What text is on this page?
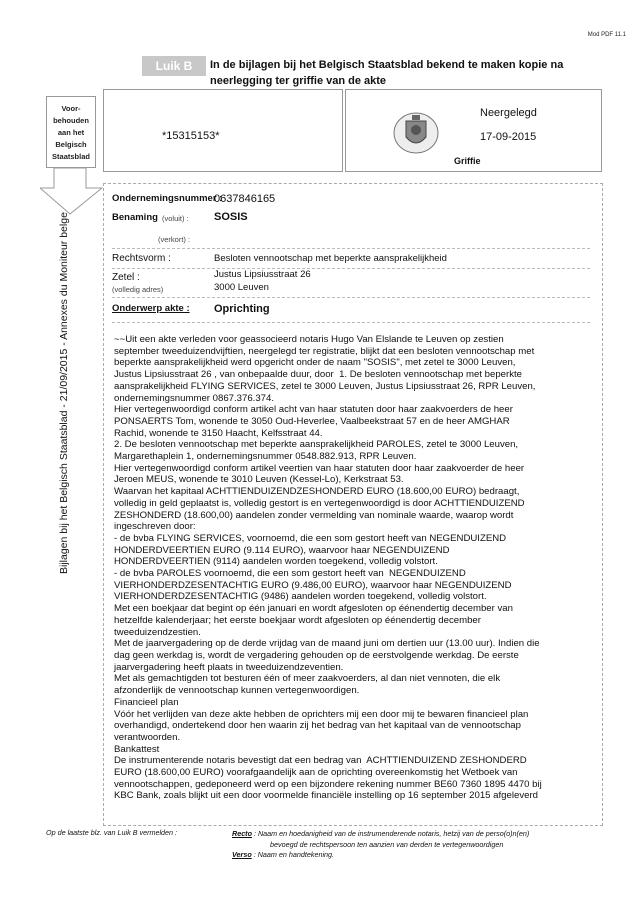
Mod PDF 11.1
Luik B	In de bijlagen bij het Belgisch Staatsblad bekend te maken kopie na neerlegging ter griffie van de akte
Voor-
behouden
aan het
Belgisch
Staatsblad
*15315153*
Neergelegd
17-09-2015
Griffie
Bijlagen bij het Belgisch Staatsblad - 21/09/2015 - Annexes du Moniteur belge
Ondernemingsnummer :
0637846165
Benaming (voluit) : SOSIS
(verkort) :
Rechtsvorm :	Besloten vennootschap met beperkte aansprakelijkheid
Zetel :
(volledig adres)
Justus Lipsiusstraat 26
3000 Leuven
Onderwerp akte : Oprichting
~~Uit een akte verleden voor geassocieerd notaris Hugo Van Elslande te Leuven op zestien
september tweeduizendvijftien, neergelegd ter registratie, blijkt dat een besloten vennootschap met
beperkte aansprakelijkheid werd opgericht onder de naam "SOSIS", met zetel te 3000 Leuven,
Justus Lipsiusstraat 26 , van onbepaalde duur, door  1. De besloten vennootschap met beperkte
aansprakelijkheid FLYING SERVICES, zetel te 3000 Leuven, Justus Lipsiusstraat 26, RPR Leuven,
ondernemingsnummer 0867.376.374.
Hier vertegenwoordigd conform artikel acht van haar statuten door haar zaakvoerders de heer
PONSAERTS Tom, wonende te 3050 Oud-Heverlee, Vaalbeekstraat 57 en de heer AMGHAR
Rachid, wonende te 3150 Haacht, Kelfsstraat 44.
2. De besloten vennootschap met beperkte aansprakelijkheid PAROLES, zetel te 3000 Leuven,
Margarethaplein 1, ondernemingsnummer 0548.882.913, RPR Leuven.
Hier vertegenwoordigd conform artikel veertien van haar statuten door haar zaakvoerder de heer
Jeroen MEUS, wonende te 3010 Leuven (Kessel-Lo), Kerkstraat 53.
Waarvan het kapitaal ACHTTIENDUIZENDZESHONDERD EURO (18.600,00 EURO) bedraagt,
volledig in geld geplaatst is, volledig gestort is en vertegenwoordigd is door ACHTTIENDUIZEND
ZESHONDERD (18.600,00) aandelen zonder vermelding van nominale waarde, waarop wordt
ingeschreven door:
- de bvba FLYING SERVICES, voornoemd, die een som gestort heeft van NEGENDUIZEND
HONDERDVEERTIEN EURO (9.114 EURO), waarvoor haar NEGENDUIZEND
HONDERDVEERTIEN (9114) aandelen worden toegekend, volledig volstort.
- de bvba PAROLES voornoemd, die een som gestort heeft van  NEGENDUIZEND
VIERHONDERDZESENTACHTIG EURO (9.486,00 EURO), waarvoor haar NEGENDUIZEND
VIERHONDERDZESENTACHTIG (9486) aandelen worden toegekend, volledig volstort.
Met een boekjaar dat begint op één januari en wordt afgesloten op éénendertig december van
hetzelfde kalenderjaar; het eerste boekjaar wordt afgesloten op éénendertig december
tweeduizendzestien.
Met de jaarvergadering op de derde vrijdag van de maand juni om dertien uur (13.00 uur). Indien die
dag geen werkdag is, wordt de vergadering gehouden op de eerstvolgende werkdag. De eerste
jaarvergadering heeft plaats in tweeduizendzeventien.
Met als gemachtigden tot besturen één of meer zaakvoerders, al dan niet vennoten, die elk
afzonderlijk de vennootschap kunnen vertegenwoordigen.
Financieel plan
Vóór het verlijden van deze akte hebben de oprichters mij een door mij te bewaren financieel plan
overhandigd, ondertekend door hen waarin zij het bedrag van het kapitaal van de vennootschap
verantwoorden.
Bankattest
De instrumenterende notaris bevestigt dat een bedrag van  ACHTTIENDUIZEND ZESHONDERD
EURO (18.600,00 EURO) voorafgaandelijk aan de oprichting overeenkomstig het Wetboek van
vennootschappen, gedeponeerd werd op een bijzondere rekening nummer BE60 7360 1895 4470 bij
KBC Bank, zoals blijkt uit een door voormelde financiële instelling op 16 september 2015 afgeleverd
Op de laatste blz. van Luik B vermelden :	Recto : Naam en hoedanigheid van de instrumenderende notaris, hetzij van de perso(o)n(en)
bevoegd de rechtspersoon ten aanzien van derden te vertegenwoordigen
Verso : Naam en handtekening.
